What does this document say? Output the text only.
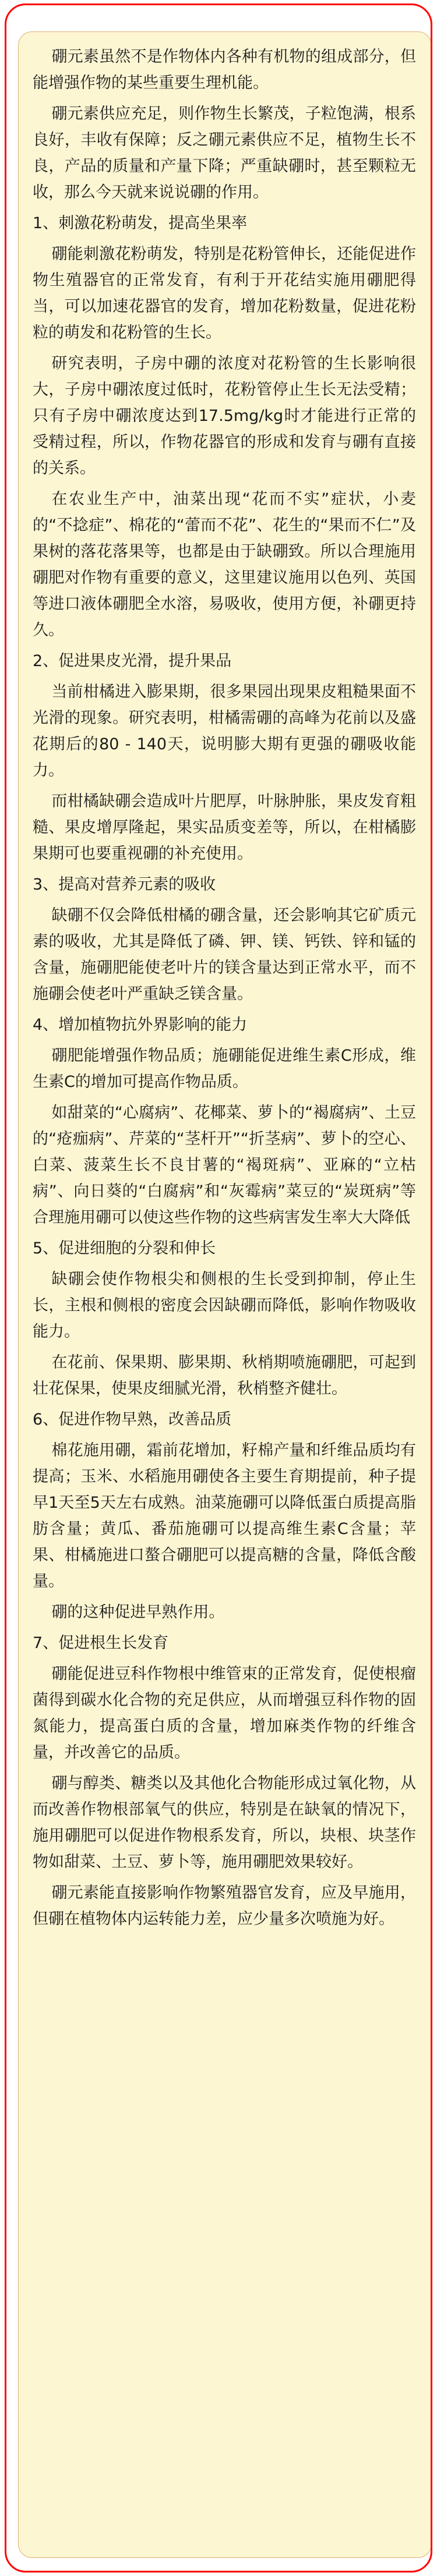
硼元素虽然不是作物体内各种有机物的组成部分，但能增强作物的某些重要生理机能。
硼元素供应充足，则作物生长繁茂，子粒饱满，根系良好，丰收有保障；反之硼元素供应不足，植物生长不良，产品的质量和产量下降；严重缺硼时，甚至颗粒无收，那么今天就来说说硼的作用。
1、刺激花粉萌发，提高坐果率
硼能刺激花粉萌发，特别是花粉管伸长，还能促进作物生殖器官的正常发育，有利于开花结实施用硼肥得当，可以加速花器官的发育，增加花粉数量，促进花粉粒的萌发和花粉管的生长。
研究表明，子房中硼的浓度对花粉管的生长影响很大，子房中硼浓度过低时，花粉管停止生长无法受精；只有子房中硼浓度达到17.5mg/kg时才能进行正常的受精过程，所以，作物花器官的形成和发育与硼有直接的关系。
在农业生产中，油菜出现“花而不实”症状，小麦的“不捻症”、棉花的“蕾而不花”、花生的“果而不仁”及果树的落花落果等，也都是由于缺硼致。所以合理施用硼肥对作物有重要的意义，这里建议施用以色列、英国等进口液体硼肥全水溶，易吸收，使用方便，补硼更持久。
2、促进果皮光滑，提升果品
当前柑橘进入膨果期，很多果园出现果皮粗糙果面不光滑的现象。研究表明，柑橘需硼的高峰为花前以及盛花期后的80 - 140天，说明膨大期有更强的硼吸收能力。
而柑橘缺硼会造成叶片肥厚，叶脉肿胀，果皮发育粗糙、果皮增厚隆起，果实品质变差等，所以，在柑橘膨果期可也要重视硼的补充使用。
3、提高对营养元素的吸收
缺硼不仅会降低柑橘的硼含量，还会影响其它矿质元素的吸收，尤其是降低了磷、钾、镁、钙铁、锌和锰的含量，施硼肥能使老叶片的镁含量达到正常水平，而不施硼会使老叶严重缺乏镁含量。
4、增加植物抗外界影响的能力
硼肥能增强作物品质；施硼能促进维生素C形成，维生素C的增加可提高作物品质。
如甜菜的“心腐病”、花椰菜、萝卜的“褐腐病”、土豆的“疮痂病”、芹菜的“茎杆开”“折茎病”、萝卜的空心、白菜、菠菜生长不良甘薯的“褐斑病”、亚麻的“立枯病”、向日葵的“白腐病”和“灰霉病”菜豆的“炭斑病”等合理施用硼可以使这些作物的这些病害发生率大大降低
5、促进细胞的分裂和伸长
缺硼会使作物根尖和侧根的生长受到抑制，停止生长，主根和侧根的密度会因缺硼而降低，影响作物吸收能力。
在花前、保果期、膨果期、秋梢期喷施硼肥，可起到壮花保果，使果皮细腻光滑，秋梢整齐健壮。
6、促进作物早熟，改善品质
棉花施用硼，霜前花增加，籽棉产量和纤维品质均有提高；玉米、水稻施用硼使各主要生育期提前，种子提早1天至5天左右成熟。油菜施硼可以降低蛋白质提高脂肪含量；黄瓜、番茄施硼可以提高维生素C含量；苹果、柑橘施进口螯合硼肥可以提高糖的含量，降低含酸量。
硼的这种促进早熟作用。
7、促进根生长发育
硼能促进豆科作物根中维管束的正常发育，促使根瘤菌得到碳水化合物的充足供应，从而增强豆科作物的固氮能力，提高蛋白质的含量，增加麻类作物的纤维含量，并改善它的品质。
硼与醇类、糖类以及其他化合物能形成过氧化物，从而改善作物根部氧气的供应，特别是在缺氧的情况下，施用硼肥可以促进作物根系发育，所以，块根、块茎作物如甜菜、土豆、萝卜等，施用硼肥效果较好。
硼元素能直接影响作物繁殖器官发育，应及早施用，但硼在植物体内运转能力差，应少量多次喷施为好。
